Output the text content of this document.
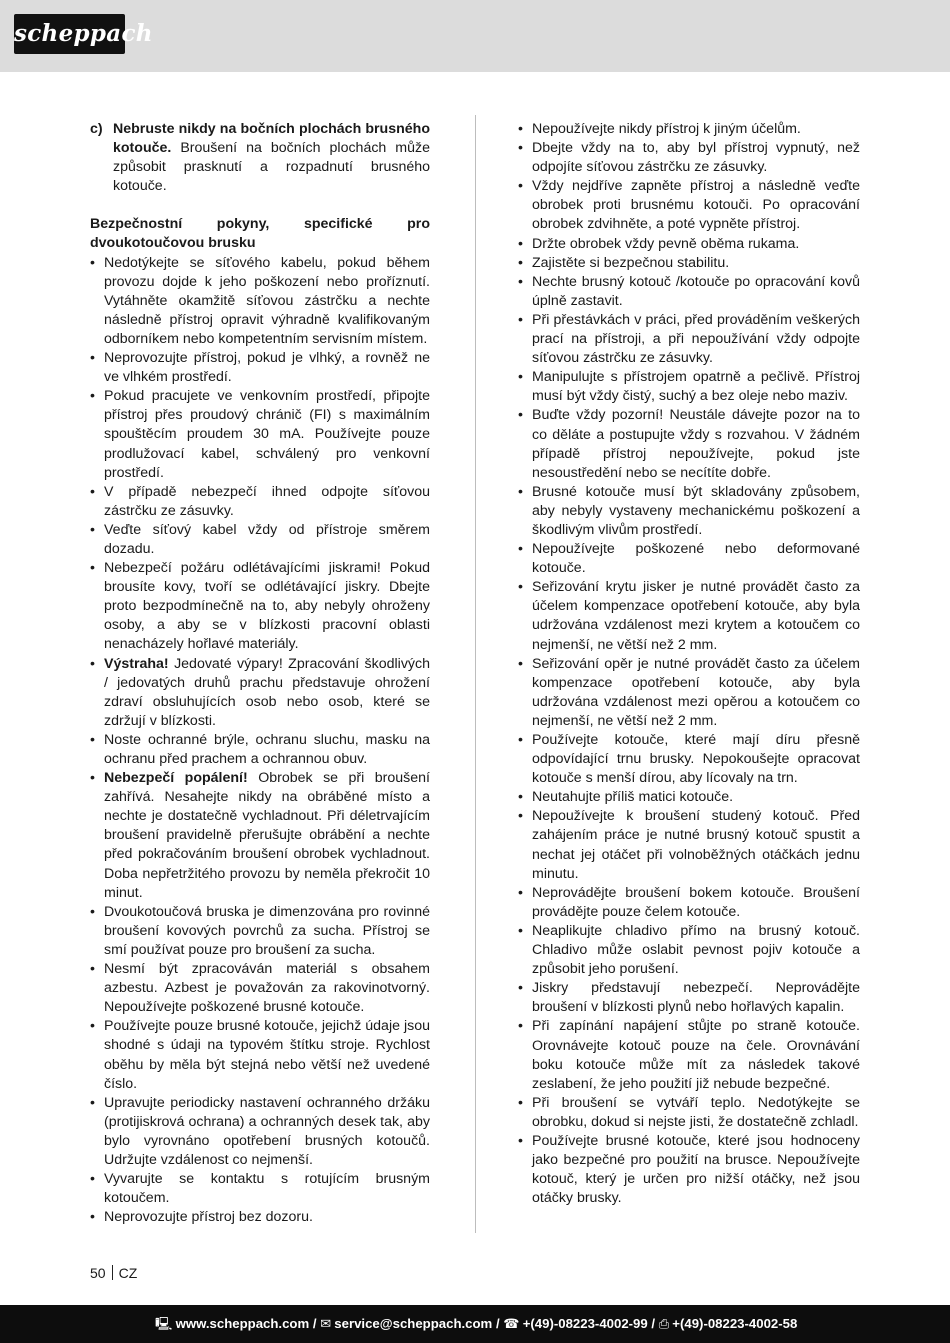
scheppach
c) Nebruste nikdy na bočních plochách brusného kotouče. Broušení na bočních plochách může způsobit prasknutí a rozpadnutí brusného kotouče.
Bezpečnostní pokyny, specifické pro dvoukotoučovou brusku
• Nedotýkejte se síťového kabelu, pokud během provozu dojde k jeho poškození nebo proříznutí. Vytáhněte okamžitě síťovou zástrčku a nechte následně přístroj opravit výhradně kvalifikovaným odborníkem nebo kompetentním servisním místem.
• Neprovozujte přístroj, pokud je vlhký, a rovněž ne ve vlhkém prostředí.
• Pokud pracujete ve venkovním prostředí, připojte přístroj přes proudový chránič (FI) s maximálním spouštěcím proudem 30 mA. Používejte pouze prodlužovací kabel, schválený pro venkovní prostředí.
• V případě nebezpečí ihned odpojte síťovou zástrčku ze zásuvky.
• Veďte síťový kabel vždy od přístroje směrem dozadu.
• Nebezpečí požáru odlétávajícími jiskrami! Pokud brousíte kovy, tvoří se odlétávající jiskry. Dbejte proto bezpodmínečně na to, aby nebyly ohroženy osoby, a aby se v blízkosti pracovní oblasti nenacházely hořlavé materiály.
• Výstraha! Jedovaté výpary! Zpracování škodlivých / jedovatých druhů prachu představuje ohrožení zdraví obsluhujících osob nebo osob, které se zdržují v blízkosti.
• Noste ochranné brýle, ochranu sluchu, masku na ochranu před prachem a ochrannou obuv.
• Nebezpečí popálení! Obrobek se při broušení zahřívá. Nesahejte nikdy na obráběné místo a nechte je dostatečně vychladnout. Při déletrvajícím broušení pravidelně přerušujte obrábění a nechte před pokračováním broušení obrobek vychladnout. Doba nepřetržitého provozu by neměla překročit 10 minut.
• Dvoukotoučová bruska je dimenzována pro rovinné broušení kovových povrchů za sucha. Přístroj se smí používat pouze pro broušení za sucha.
• Nesmí být zpracováván materiál s obsahem azbestu. Azbest je považován za rakovinotvorný. Nepoužívejte poškozené brusné kotouče.
• Používejte pouze brusné kotouče, jejichž údaje jsou shodné s údaji na typovém štítku stroje. Rychlost oběhu by měla být stejná nebo větší než uvedené číslo.
• Upravujte periodicky nastavení ochranného držáku (protijiskrová ochrana) a ochranných desek tak, aby bylo vyrovnáno opotřebení brusných kotoučů. Udržujte vzdálenost co nejmenší.
• Vyvarujte se kontaktu s rotujícím brusným kotoučem.
• Neprovozujte přístroj bez dozoru.
• Nepoužívejte nikdy přístroj k jiným účelům.
• Dbejte vždy na to, aby byl přístroj vypnutý, než odpojíte síťovou zástrčku ze zásuvky.
• Vždy nejdříve zapněte přístroj a následně veďte obrobek proti brusnému kotouči. Po opracování obrobek zdvihněte, a poté vypněte přístroj.
• Držte obrobek vždy pevně oběma rukama.
• Zajistěte si bezpečnou stabilitu.
• Nechte brusný kotouč /kotouče po opracování kovů úplně zastavit.
• Při přestávkách v práci, před prováděním veškerých prací na přístroji, a při nepoužívání vždy odpojte síťovou zástrčku ze zásuvky.
• Manipulujte s přístrojem opatrně a pečlivě. Přístroj musí být vždy čistý, suchý a bez oleje nebo maziv.
• Buďte vždy pozorní! Neustále dávejte pozor na to co děláte a postupujte vždy s rozvahou. V žádném případě přístroj nepoužívejte, pokud jste nesoustředění nebo se necítíte dobře.
• Brusné kotouče musí být skladovány způsobem, aby nebyly vystaveny mechanickému poškození a škodlivým vlivům prostředí.
• Nepoužívejte poškozené nebo deformované kotouče.
• Seřizování krytu jisker je nutné provádět často za účelem kompenzace opotřebení kotouče, aby byla udržována vzdálenost mezi krytem a kotoučem co nejmenší, ne větší než 2 mm.
• Seřizování opěr je nutné provádět často za účelem kompenzace opotřebení kotouče, aby byla udržována vzdálenost mezi opěrou a kotoučem co nejmenší, ne větší než 2 mm.
• Používejte kotouče, které mají díru přesně odpovídající trnu brusky. Nepokoušejte opracovat kotouče s menší dírou, aby lícovaly na trn.
• Neutahujte příliš matici kotouče.
• Nepoužívejte k broušení studený kotouč. Před zahájením práce je nutné brusný kotouč spustit a nechat jej otáčet při volnoběžných otáčkách jednu minutu.
• Neprovádějte broušení bokem kotouče. Broušení provádějte pouze čelem kotouče.
• Neaplikujte chladivo přímo na brusný kotouč. Chladivo může oslabit pevnost pojiv kotouče a způsobit jeho porušení.
• Jiskry představují nebezpečí. Neprovádějte broušení v blízkosti plynů nebo hořlavých kapalin.
• Při zapínání napájení stůjte po straně kotouče. Orovnávejte kotouč pouze na čele. Orovnávání boku kotouče může mít za následek takové zeslabení, že jeho použití již nebude bezpečné.
• Při broušení se vytváří teplo. Nedotýkejte se obrobku, dokud si nejste jisti, že dostatečně zchladl.
• Používejte brusné kotouče, které jsou hodnoceny jako bezpečné pro použití na brusce. Nepoužívejte kotouč, který je určen pro nižší otáčky, než jsou otáčky brusky.
50 CZ
🖳 www.scheppach.com / ✉ service@scheppach.com / ☎ +(49)-08223-4002-99 / ⎙ +(49)-08223-4002-58
